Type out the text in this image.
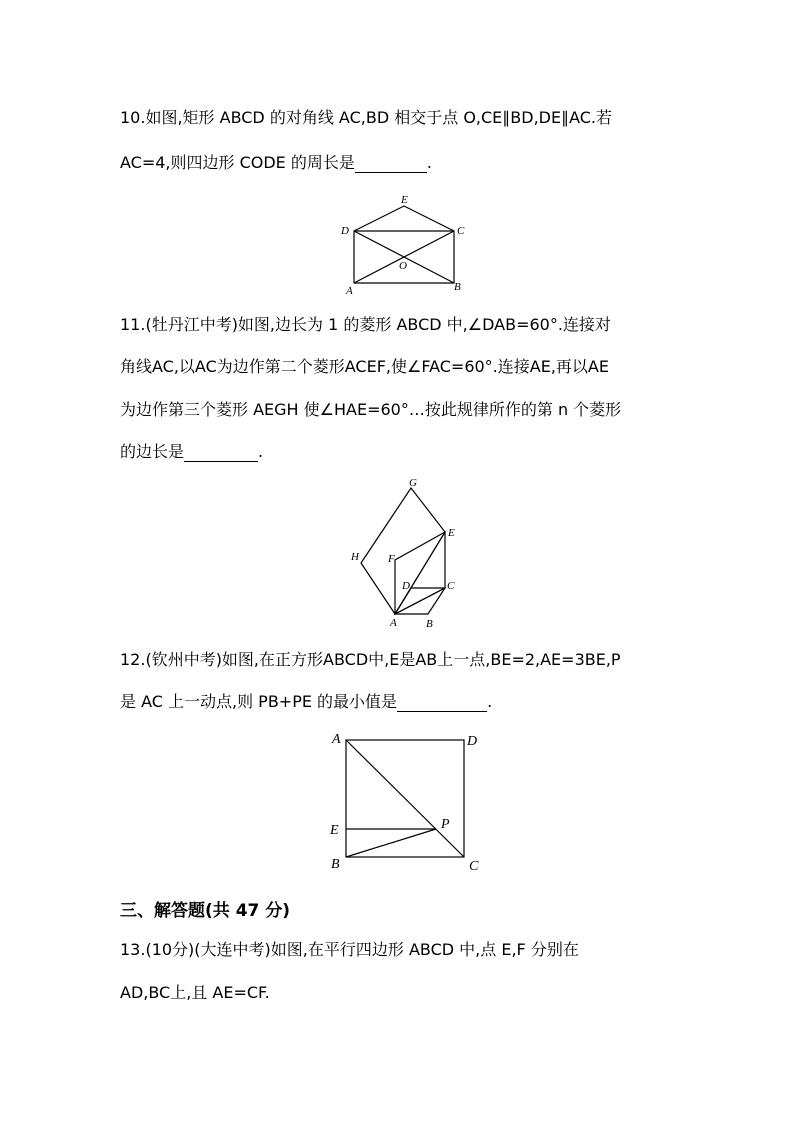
10.如图,矩形 ABCD 的对角线 AC,BD 相交于点 O,CE∥BD,DE∥AC.若
AC=4,则四边形 CODE 的周长是	.
D
E
C
O
A	B
11.(牡丹江中考)如图,边长为 1 的菱形 ABCD 中,∠DAB=60°.连接对
角线AC,以AC为边作第二个菱形ACEF,使∠FAC=60°.连接AE,再以AE
为边作第三个菱形 AEGH 使∠HAE=60°…按此规律所作的第 n 个菱形
的边长是	.
G
E
H	F
D	C
A	B
12.(钦州中考)如图,在正方形ABCD中,E是AB上一点,BE=2,AE=3BE,P
是 AC 上一动点,则 PB+PE 的最小值是	.
A	D
E	P
B	C
三、解答题(共 47 分)
13.(10分)(大连中考)如图,在平行四边形 ABCD 中,点 E,F 分别在
AD,BC上,且 AE=CF.
